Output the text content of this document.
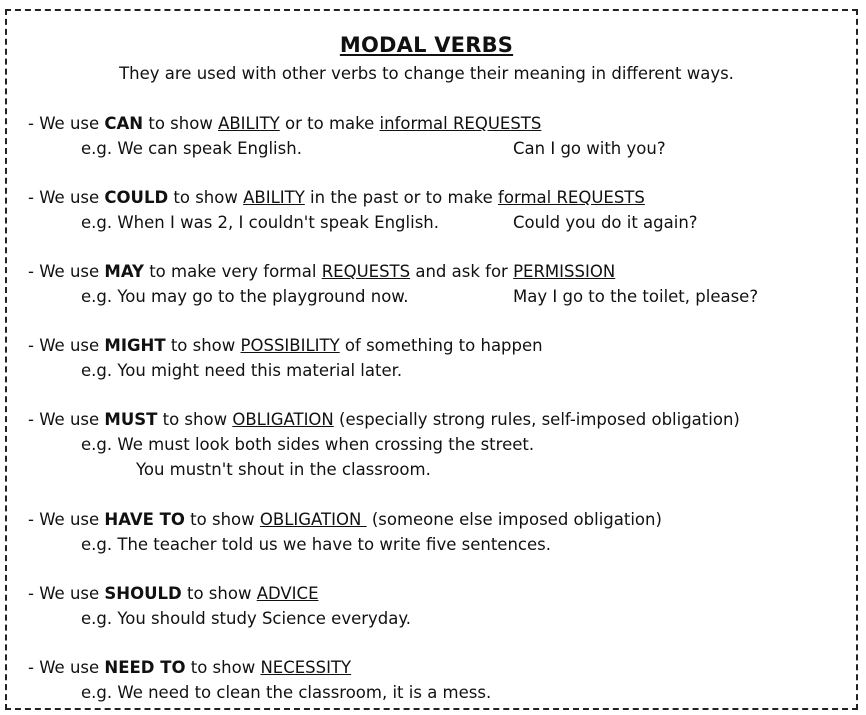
MODAL VERBS
They are used with other verbs to change their meaning in different ways.
- We use CAN to show ABILITY or to make informal REQUESTS
e.g. We can speak English.	Can I go with you?
- We use COULD to show ABILITY in the past or to make formal REQUESTS
e.g. When I was 2, I couldn't speak English.	Could you do it again?
- We use MAY to make very formal REQUESTS and ask for PERMISSION
e.g. You may go to the playground now.	May I go to the toilet, please?
- We use MIGHT to show POSSIBILITY of something to happen
e.g. You might need this material later.
- We use MUST to show OBLIGATION (especially strong rules, self-imposed obligation)
e.g. We must look both sides when crossing the street.
You mustn't shout in the classroom.
- We use HAVE TO to show OBLIGATION  (someone else imposed obligation)
e.g. The teacher told us we have to write five sentences.
- We use SHOULD to show ADVICE
e.g. You should study Science everyday.
- We use NEED TO to show NECESSITY
e.g. We need to clean the classroom, it is a mess.
